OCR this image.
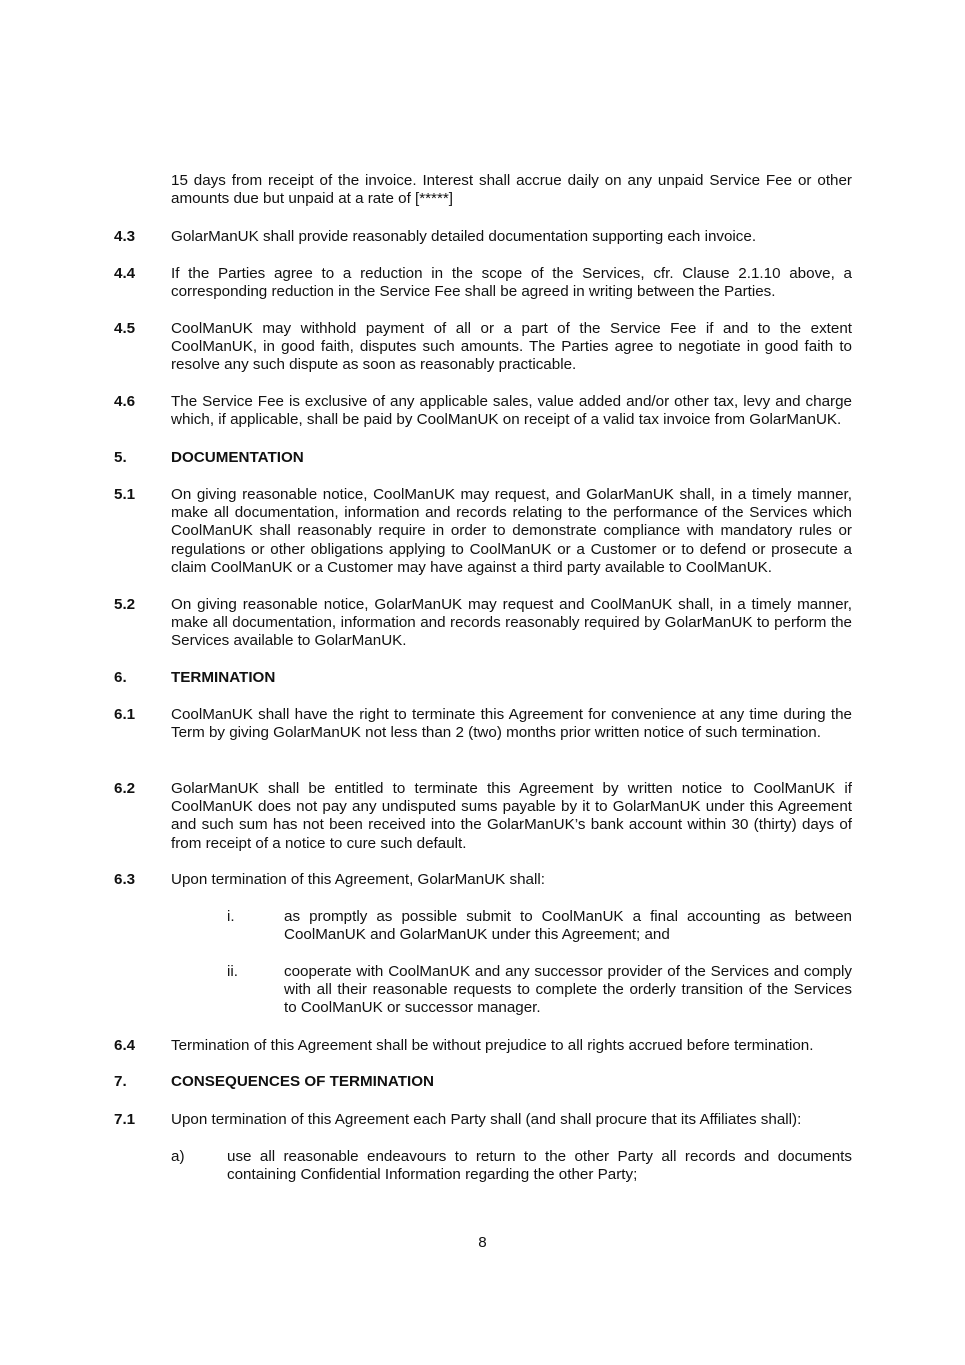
15 days from receipt of the invoice. Interest shall accrue daily on any unpaid Service Fee or other amounts due but unpaid at a rate of [*****]
4.3 GolarManUK shall provide reasonably detailed documentation supporting each invoice.
4.4 If the Parties agree to a reduction in the scope of the Services, cfr. Clause 2.1.10 above, a corresponding reduction in the Service Fee shall be agreed in writing between the Parties.
4.5 CoolManUK may withhold payment of all or a part of the Service Fee if and to the extent CoolManUK, in good faith, disputes such amounts. The Parties agree to negotiate in good faith to resolve any such dispute as soon as reasonably practicable.
4.6 The Service Fee is exclusive of any applicable sales, value added and/or other tax, levy and charge which, if applicable, shall be paid by CoolManUK on receipt of a valid tax invoice from GolarManUK.
5.	DOCUMENTATION
5.1 On giving reasonable notice, CoolManUK may request, and GolarManUK shall, in a timely manner, make all documentation, information and records relating to the performance of the Services which CoolManUK shall reasonably require in order to demonstrate compliance with mandatory rules or regulations or other obligations applying to CoolManUK or a Customer or to defend or prosecute a claim CoolManUK or a Customer may have against a third party available to CoolManUK.
5.2 On giving reasonable notice, GolarManUK may request and CoolManUK shall, in a timely manner, make all documentation, information and records reasonably required by GolarManUK to perform the Services available to GolarManUK.
6.	TERMINATION
6.1 CoolManUK shall have the right to terminate this Agreement for convenience at any time during the Term by giving GolarManUK not less than 2 (two) months prior written notice of such termination.
6.2 GolarManUK shall be entitled to terminate this Agreement by written notice to CoolManUK if CoolManUK does not pay any undisputed sums payable by it to GolarManUK under this Agreement and such sum has not been received into the GolarManUK’s bank account within 30 (thirty) days of from receipt of a notice to cure such default.
6.3 Upon termination of this Agreement, GolarManUK shall:
i.	as promptly as possible submit to CoolManUK a final accounting as between CoolManUK and GolarManUK under this Agreement; and
ii.	cooperate with CoolManUK and any successor provider of the Services and comply with all their reasonable requests to complete the orderly transition of the Services to CoolManUK or successor manager.
6.4 Termination of this Agreement shall be without prejudice to all rights accrued before termination.
7.	CONSEQUENCES OF TERMINATION
7.1 Upon termination of this Agreement each Party shall (and shall procure that its Affiliates shall):
a)	use all reasonable endeavours to return to the other Party all records and documents containing Confidential Information regarding the other Party;
8
